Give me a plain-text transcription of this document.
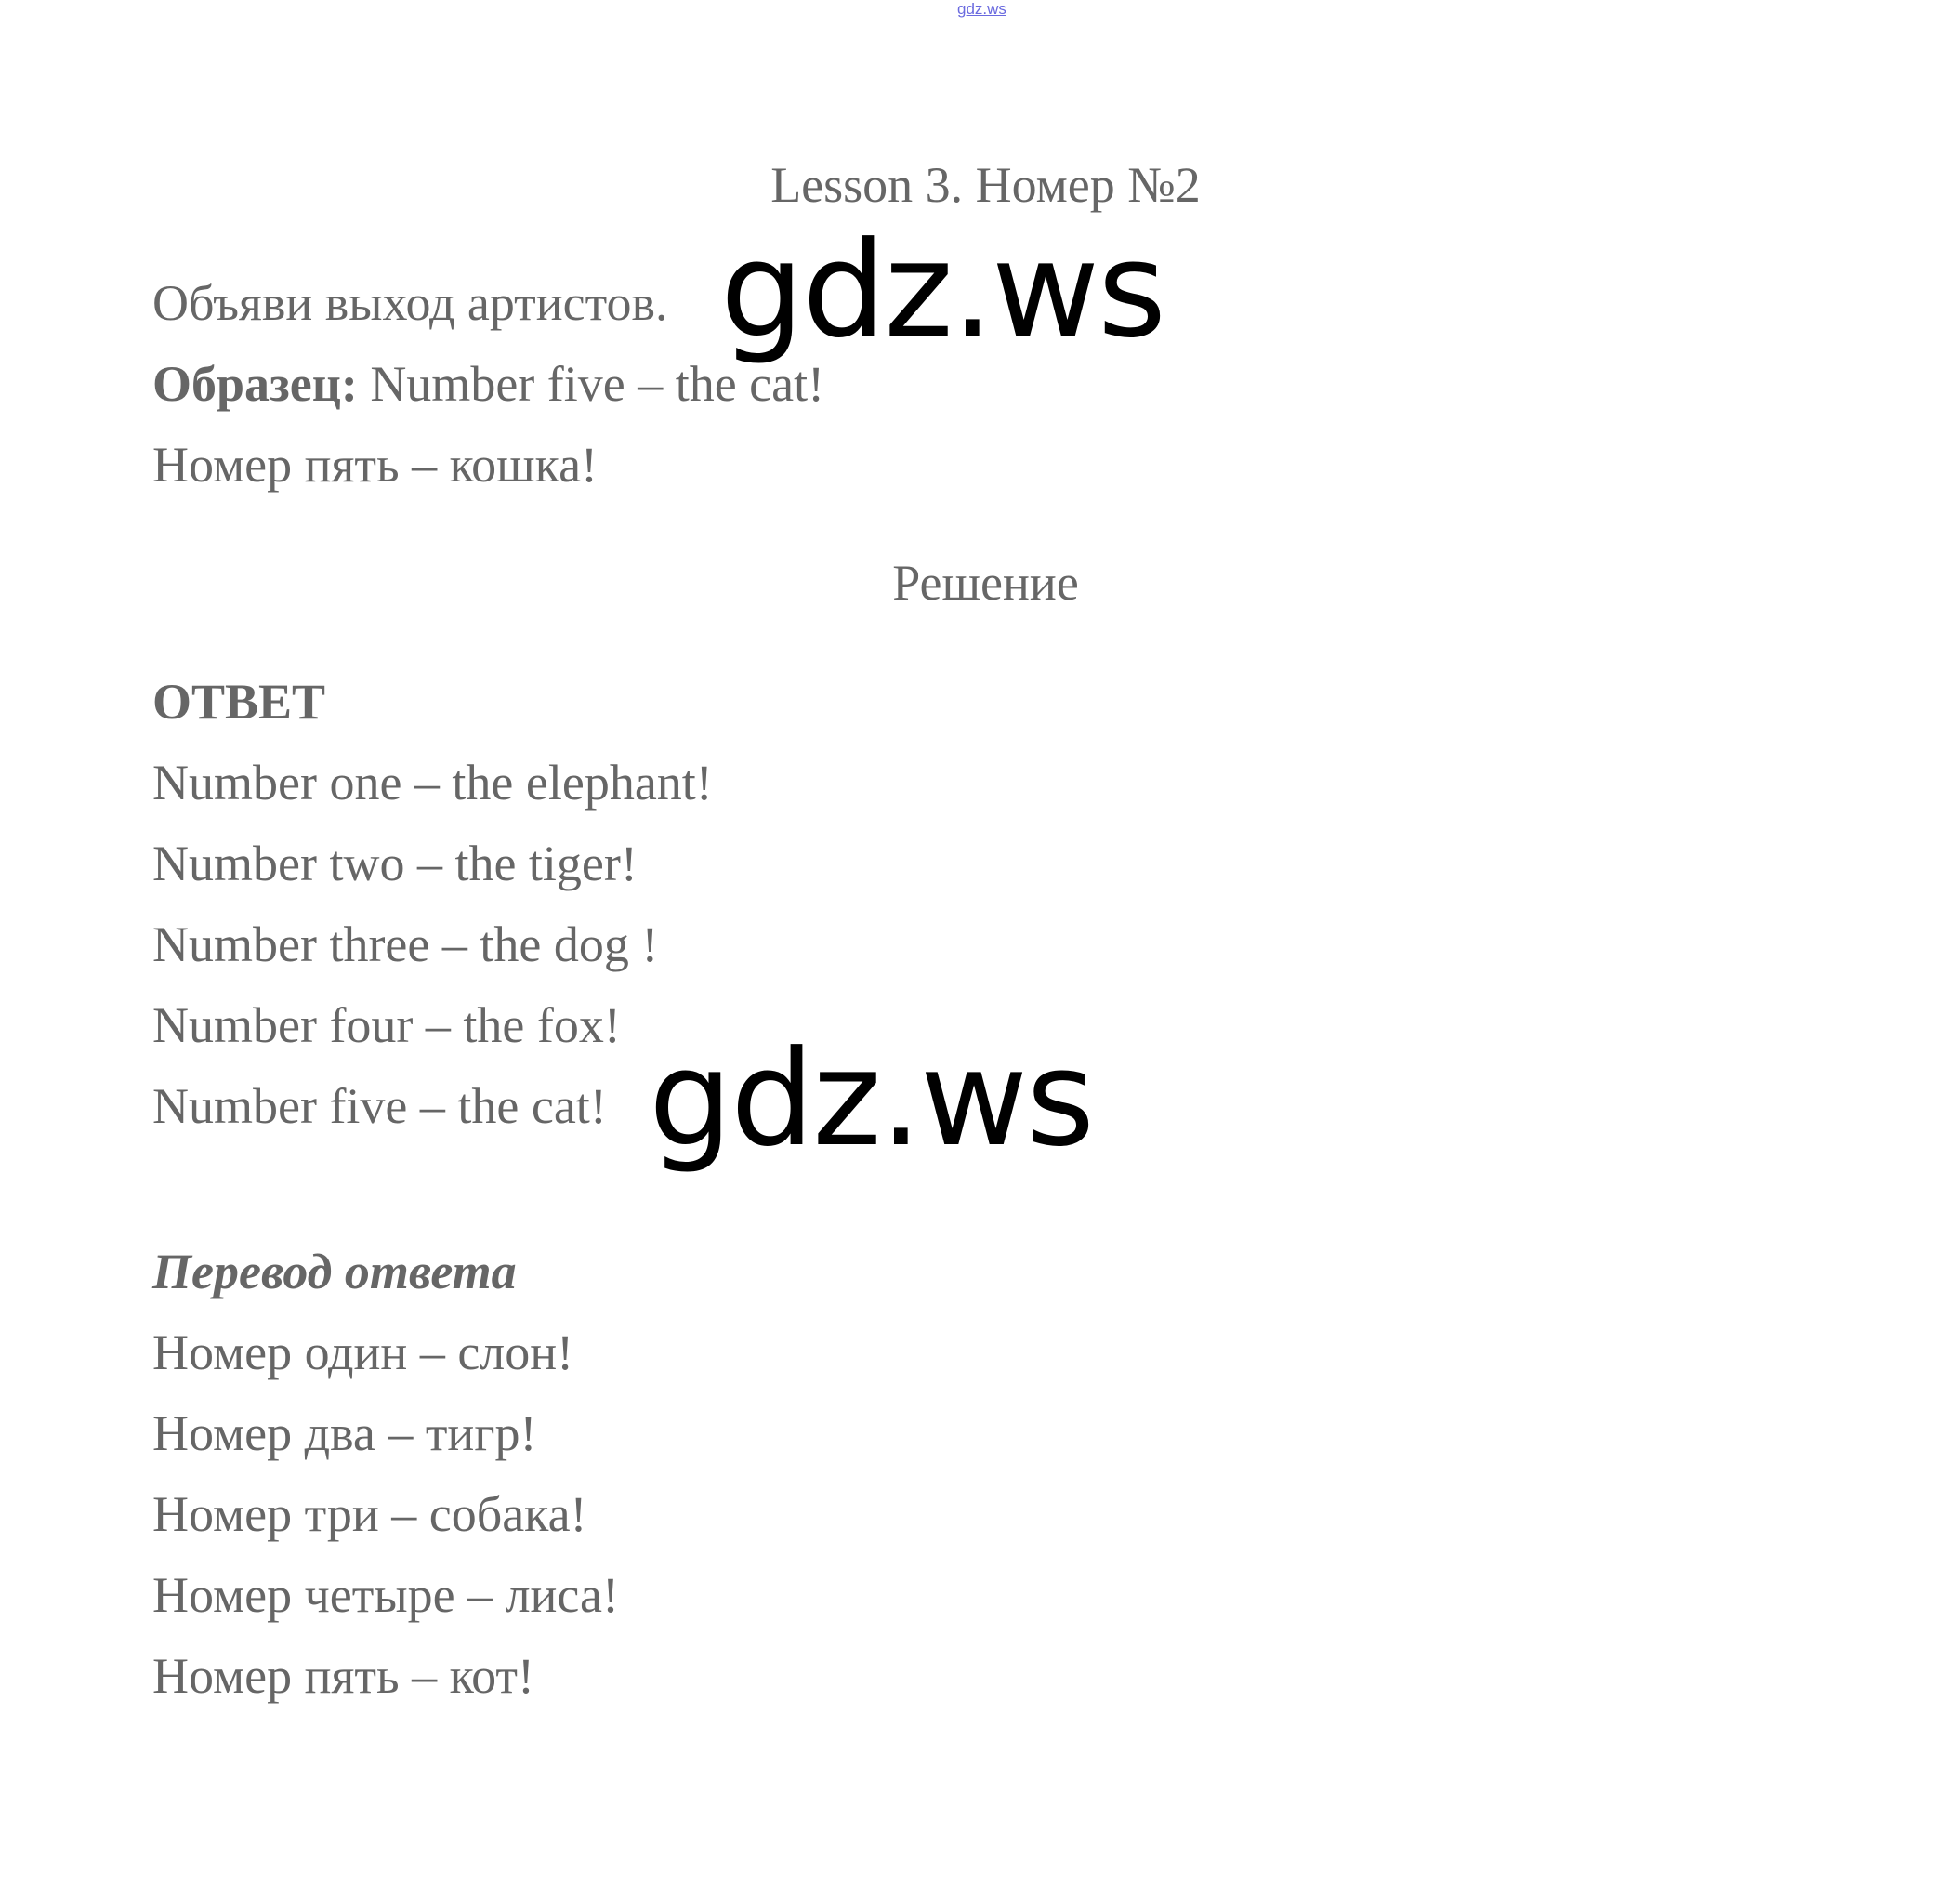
gdz.ws
Lesson 3. Номер №2
Объяви выход артистов.
Образец: Number five – the cat!
Номер пять – кошка!
Решение
ОТВЕТ
Number one – the elephant!
Number two – the tiger!
Number three – the dog !
Number four – the fox!
Number five – the cat!
Перевод ответа
Номер один – слон!
Номер два – тигр!
Номер три – собака!
Номер четыре – лиса!
Номер пять – кот!
gdz.ws
gdz.ws
